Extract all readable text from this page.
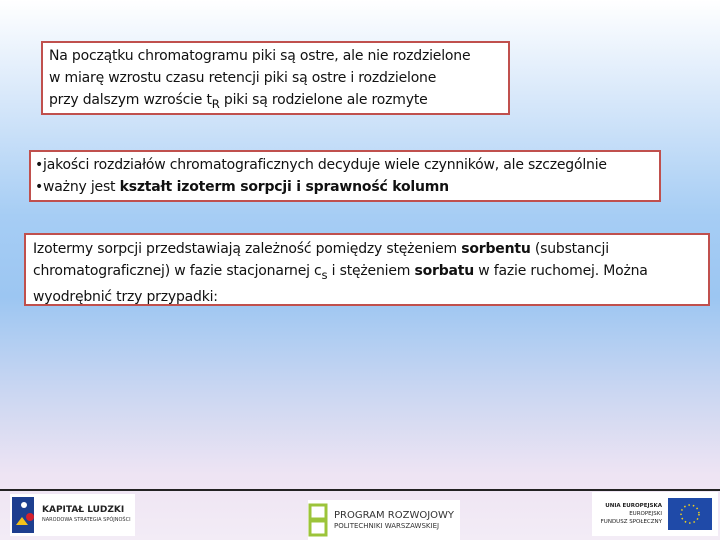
Na początku chromatogramu piki są ostre, ale nie rozdzielone
w miarę wzrostu czasu retencji piki są ostre i rozdzielone
przy dalszym wzroście $t_R$ piki są rodzielone ale rozmyte
•jakości rozdziałów chromatograficznych decyduje wiele czynników, ale szczególnie
•ważny jest kształt izoterm sorpcji i sprawność kolumn
Izotermy sorpcji przedstawiają zależność pomiędzy stężeniem sorbentu (substancji chromatograficznej) w fazie stacjonarnej $c_s$ i stężeniem sorbatu w fazie ruchomej. Można wyodrębnić trzy przypadki:
KAPITAŁ LUDZKI
NARODOWA STRATEGIA SPÓJNOŚCI	PROGRAM ROZWOJOWY
POLITECHNIKI WARSZAWSKIEJ
UNIA EUROPEJSKA
EUROPEJSKI
FUNDUSZ SPOŁECZNY
